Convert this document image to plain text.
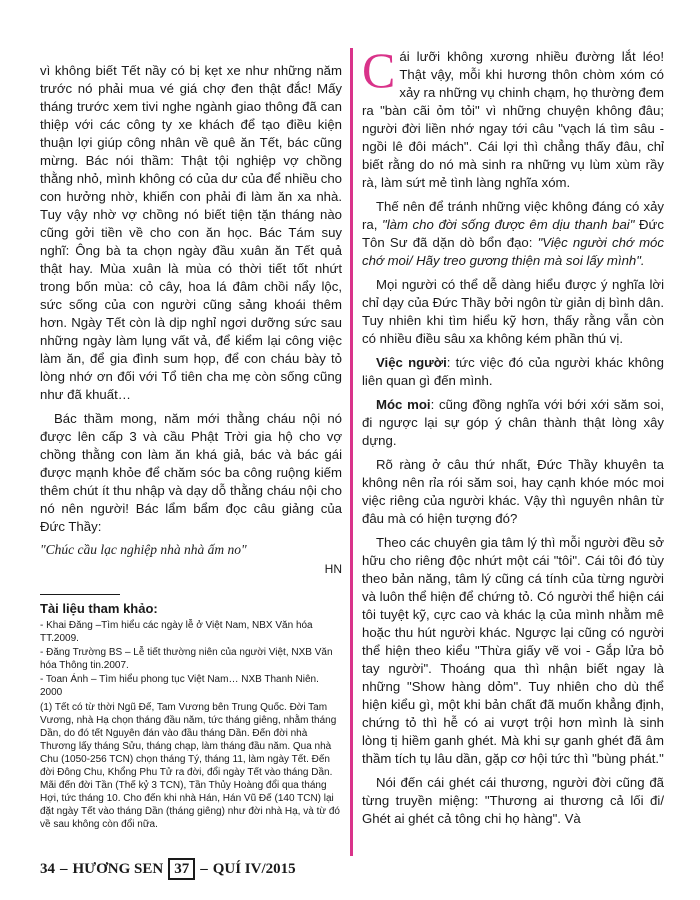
vì không biết Tết nầy có bị kẹt xe như những năm trước nó phải mua vé giá chợ đen thật đắc! Mấy tháng trước xem tivi nghe ngành giao thông đã can thiệp với các công ty xe khách để tạo điều kiện thuận lợi giúp công nhân về quê ăn Tết, bác cũng mừng. Bác nói thầm: Thật tội nghiệp vợ chồng thằng nhỏ, mình không có của dư của để nhiều cho con hưởng nhờ, khiến con phải đi làm ăn xa nhà. Tuy vậy nhờ vợ chồng nó biết tiện tặn tháng nào cũng gởi tiền về cho con ăn học. Bác Tám suy nghĩ: Ông bà ta chọn ngày đầu xuân ăn Tết quả thật hay. Mùa xuân là mùa có thời tiết tốt nhứt trong bốn mùa: cỏ cây, hoa lá đâm chồi nẩy lộc, sức sống của con người cũng sảng khoái thêm hơn. Ngày Tết còn là dịp nghỉ ngơi dưỡng sức sau những ngày làm lụng vất vả, để kiểm lại công việc làm ăn, để gia đình sum họp, để con cháu bày tỏ lòng nhớ ơn đối với Tổ tiên cha mẹ còn sống cũng như đã khuất…

Bác thầm mong, năm mới thằng cháu nội nó được lên cấp 3 và cầu Phật Trời gia hộ cho vợ chồng thằng con làm ăn khá giả, bác và bác gái được mạnh khỏe để chăm sóc ba công ruộng kiếm thêm chút ít thu nhập và dạy dỗ thằng cháu nội cho nó nên người! Bác lẩm bẩm đọc câu giảng của Đức Thầy:

"Chúc cầu lạc nghiệp nhà nhà ấm no"

HN

Tài liệu tham khảo:

- Khai Đăng –Tìm hiểu các ngày lễ ở Việt Nam, NBX Văn hóa TT.2009.
- Đăng Trường BS – Lễ tiết thường niên của người Việt, NXB Văn hóa Thông tin.2007.
- Toan Ánh – Tìm hiểu phong tục Việt Nam… NXB Thanh Niên. 2000
(1) Tết có từ thời Ngũ Đế, Tam Vương bên Trung Quốc. Đời Tam Vương, nhà Hạ chọn tháng đầu năm, tức tháng giêng, nhằm tháng Dần, do đó tết Nguyên đán vào đầu tháng Dần. Đến đời nhà Thương lấy tháng Sửu, tháng chạp, làm tháng đầu năm. Qua nhà Chu (1050-256 TCN) chọn tháng Tý, tháng 11, làm ngày Tết. Đến đời Đông Chu, Khổng Phu Tử ra đời, đổi ngày Tết vào tháng Dần. Mãi đến đời Tần (Thế kỷ 3 TCN), Tần Thủy Hoàng đổi qua tháng Hợi, tức tháng 10. Cho đến khi nhà Hán, Hán Vũ Đế (140 TCN) lại đặt ngày Tết vào tháng Dần (tháng giêng) như đời nhà Hạ, và từ đó về sau không còn đổi nữa.

Cái lưỡi không xương nhiều đường lắt léo! Thật vậy, mỗi khi hương thôn chòm xóm có xảy ra những vụ chinh chạm, họ thường đem ra "bàn cãi ỏm tỏi" vì những chuyện không đâu; người đời liền nhớ ngay tới câu "vạch lá tìm sâu - ngồi lê đôi mách". Cái lợi thì chẳng thấy đâu, chỉ biết rằng do nó mà sinh ra những vụ lùm xùm rầy rà, làm sứt mẻ tình làng nghĩa xóm.

Thế nên để tránh những việc không đáng có xảy ra, "làm cho đời sống được êm dịu thanh bai" Đức Tôn Sư đã dặn dò bổn đạo: "Việc người chớ móc chớ moi/ Hãy treo gương thiện mà soi lấy mình".

Mọi người có thể dễ dàng hiểu được ý nghĩa lời chỉ dạy của Đức Thầy bởi ngôn từ giản dị bình dân. Tuy nhiên khi tìm hiểu kỹ hơn, thấy rằng vẫn còn có nhiều điều sâu xa không kém phần thú vị.

Việc người: tức việc đó của người khác không liên quan gì đến mình.

Móc moi: cũng đồng nghĩa với bới xới săm soi, đi ngược lại sự góp ý chân thành thật lòng xây dựng.

Rõ ràng ở câu thứ nhất, Đức Thầy khuyên ta không nên rỉa rói săm soi, hay cạnh khóe móc moi việc riêng của người khác. Vậy thì nguyên nhân từ đâu mà có hiện tượng đó?

Theo các chuyên gia tâm lý thì mỗi người đều sở hữu cho riêng độc nhứt một cái "tôi". Cái tôi đó tùy theo bản năng, tâm lý cũng cá tính của từng người và luôn thể hiện để chứng tỏ. Có người thể hiện cái tôi tuyệt kỹ, cực cao và khác lạ của mình nhằm mê hoặc thu hút người khác. Ngược lại cũng có người thể hiện theo kiểu "Thừa giấy vẽ voi - Gắp lửa bỏ tay người". Thoáng qua thì nhận biết ngay là những "Show hàng dỏm". Tuy nhiên cho dù thể hiện kiểu gì, một khi bản chất đã muốn khẳng định, chứng tỏ thì hễ có ai vượt trội hơn mình là sinh lòng tị hiềm ganh ghét. Mà khi sự ganh ghét đã âm thầm tích tụ lâu dần, gặp cơ hội tức thì "bùng phát."

Nói đến cái ghét cái thương, người đời cũng đã từng truyền miệng: "Thương ai thương cả lối đi/ Ghét ai ghét cả tông chi họ hàng". Và

34 – HƯƠNG SEN 37 – QUÍ IV/2015
